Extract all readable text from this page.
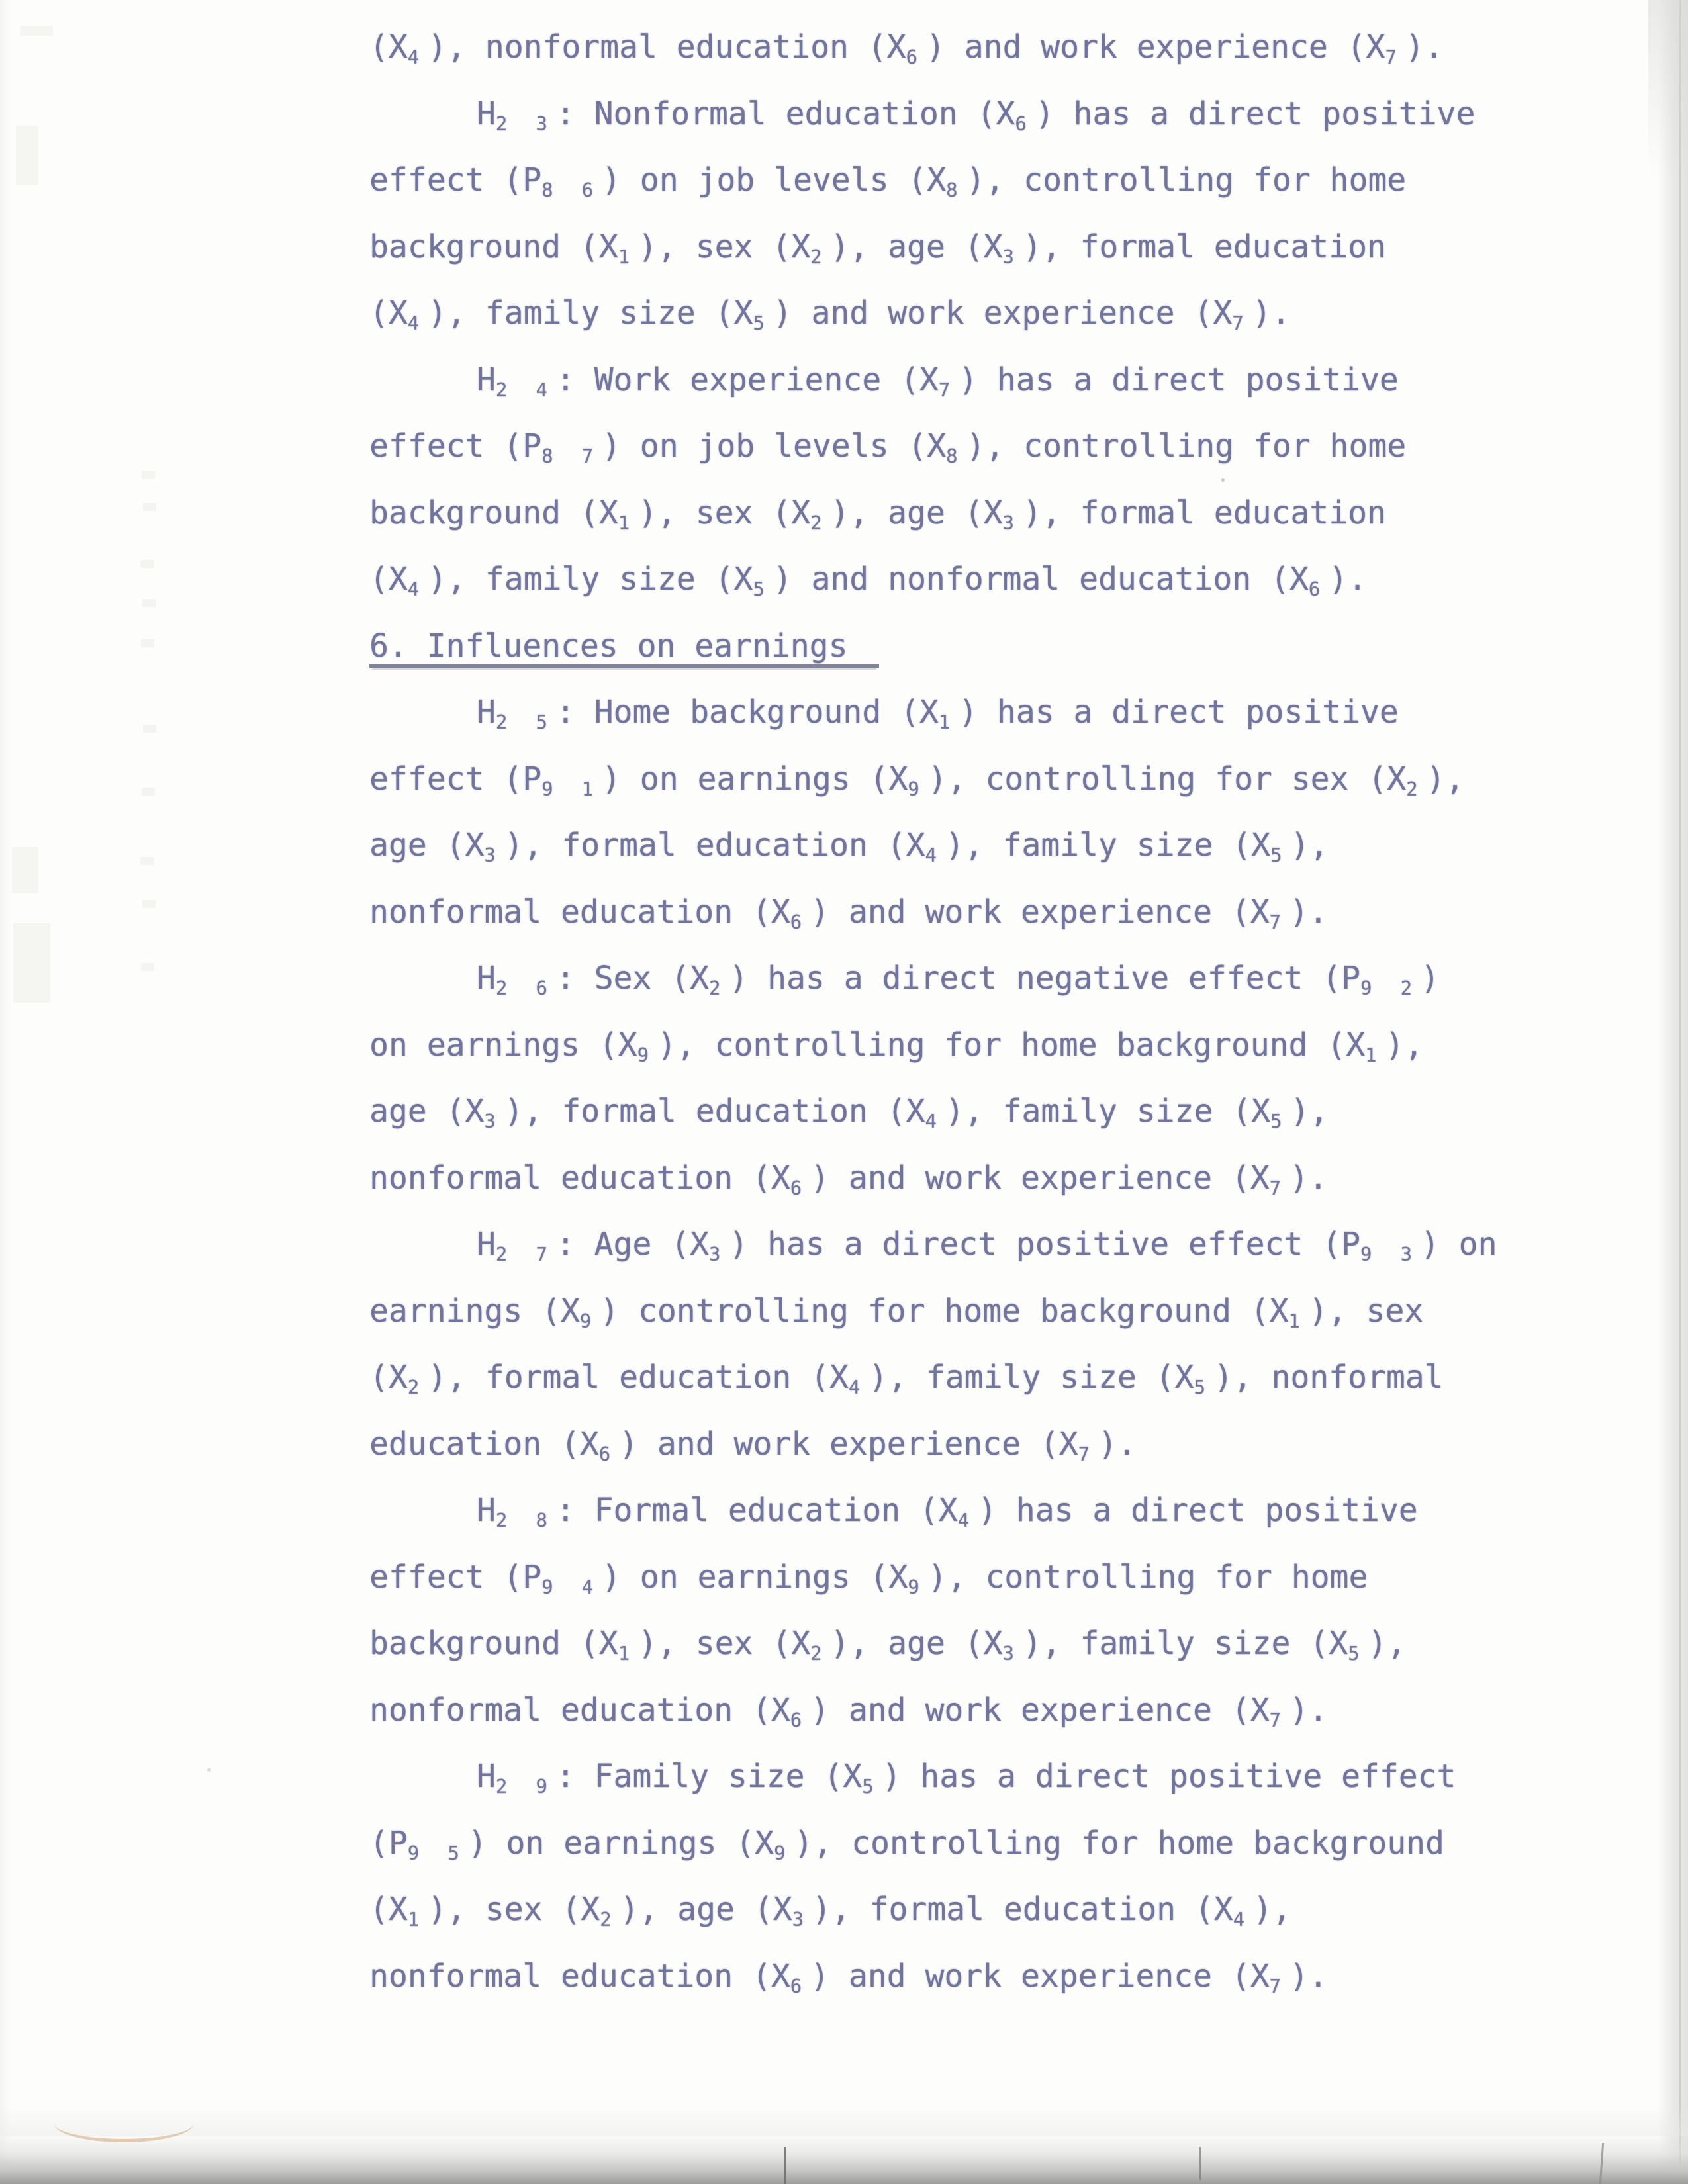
$(X_4)$, nonformal education $(X_6)$ and work experience $(X_7)$.
$H_{2 3}$: Nonformal education $(X_6)$ has a direct positive
effect $(P_{8 6})$ on job levels $(X_8)$, controlling for home
background $(X_1)$, sex $(X_2)$, age $(X_3)$, formal education
$(X_4)$, family size $(X_5)$ and work experience $(X_7)$.
$H_{2 4}$: Work experience $(X_7)$ has a direct positive
effect $(P_{8 7})$ on job levels $(X_8)$, controlling for home
background $(X_1)$, sex $(X_2)$, age $(X_3)$, formal education
$(X_4)$, family size $(X_5)$ and nonformal education $(X_6)$.
6. Influences on earnings
$H_{2 5}$: Home background $(X_1)$ has a direct positive
effect $(P_{9 1})$ on earnings $(X_9)$, controlling for sex $(X_2)$,
age $(X_3)$, formal education $(X_4)$, family size $(X_5)$,
nonformal education $(X_6)$ and work experience $(X_7)$.
$H_{2 6}$: Sex $(X_2)$ has a direct negative effect $(P_{9 2})$
on earnings $(X_9)$, controlling for home background $(X_1)$,
age $(X_3)$, formal education $(X_4)$, family size $(X_5)$,
nonformal education $(X_6)$ and work experience $(X_7)$.
$H_{2 7}$: Age $(X_3)$ has a direct positive effect $(P_{9 3})$ on
earnings $(X_9)$ controlling for home background $(X_1)$, sex
$(X_2)$, formal education $(X_4)$, family size $(X_5)$, nonformal
education $(X_6)$ and work experience $(X_7)$.
$H_{2 8}$: Formal education $(X_4)$ has a direct positive
effect $(P_{9 4})$ on earnings $(X_9)$, controlling for home
background $(X_1)$, sex $(X_2)$, age $(X_3)$, family size $(X_5)$,
nonformal education $(X_6)$ and work experience $(X_7)$.
$H_{2 9}$: Family size $(X_5)$ has a direct positive effect
$(P_{9 5})$ on earnings $(X_9)$, controlling for home background
$(X_1)$, sex $(X_2)$, age $(X_3)$, formal education $(X_4)$,
nonformal education $(X_6)$ and work experience $(X_7)$.
